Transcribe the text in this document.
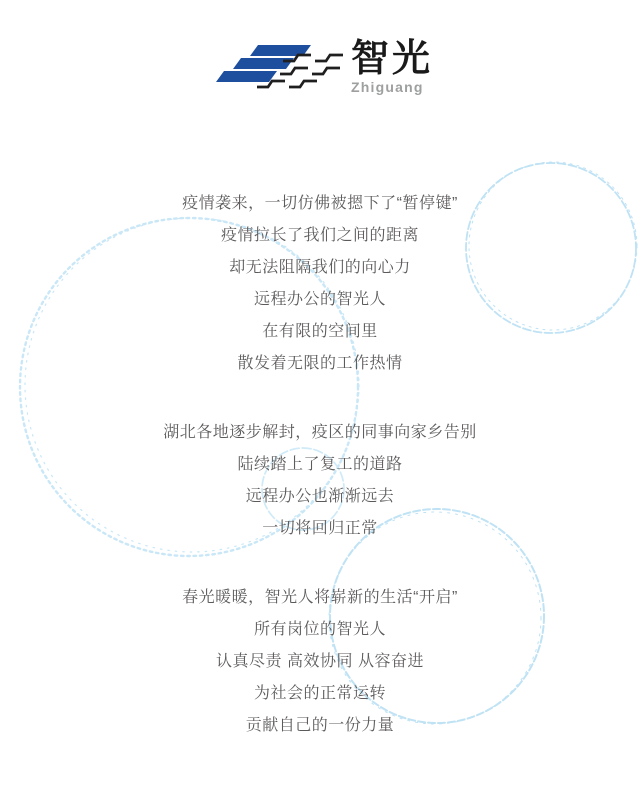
智光
Zhiguang
疫情袭来，一切仿佛被摁下了“暂停键”
疫情拉长了我们之间的距离
却无法阻隔我们的向心力
远程办公的智光人
在有限的空间里
散发着无限的工作热情
湖北各地逐步解封，疫区的同事向家乡告别
陆续踏上了复工的道路
远程办公也渐渐远去
一切将回归正常
春光暖暖，智光人将崭新的生活“开启”
所有岗位的智光人
认真尽责 高效协同 从容奋进
为社会的正常运转
贡献自己的一份力量
